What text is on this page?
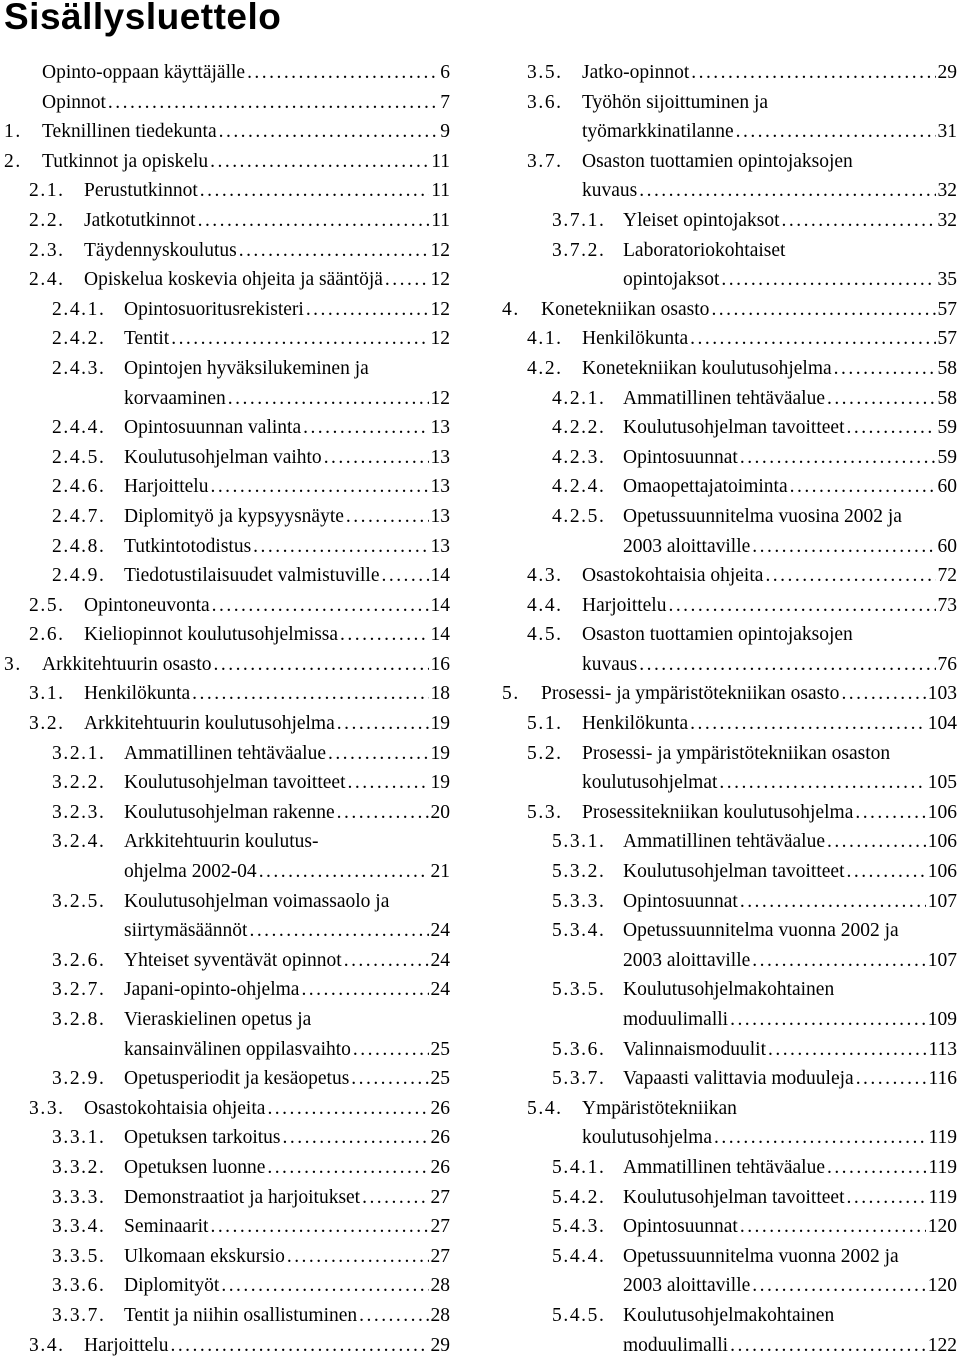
Sisällysluettelo
Opinto-oppaan käyttäjälle . . .	6
Opinnot . . .	7
1. Teknillinen tiedekunta . . .	9
2. Tutkinnot ja opiskelu . . .	11
2.1. Perustutkinnot . . .	11
2.2. Jatkotutkinnot . . .	11
2.3. Täydennyskoulutus . . .	12
2.4. Opiskelua koskevia ohjeita ja sääntöjä . . . 12
2.4.1. Opintosuoritusrekisteri . . .	12
2.4.2. Tentit . . .	12
2.4.3. Opintojen hyväksilukeminen ja
korvaaminen . . .	12
2.4.4. Opintosuunnan valinta . . .	13
2.4.5. Koulutusohjelman vaihto . . .	13
2.4.6. Harjoittelu . . .	13
2.4.7. Diplomityö ja kypsyysnäyte . . .	13
2.4.8. Tutkintotodistus . . .	13
2.4.9. Tiedotustilaisuudet valmistuville . . .	14
2.5. Opintoneuvonta . . .	14
2.6. Kieliopinnot koulutusohjelmissa . . .	14
3. Arkkitehtuurin osasto . . .	16
3.1. Henkilökunta . . .	18
3.2. Arkkitehtuurin koulutusohjelma . . .	19
3.2.1. Ammatillinen tehtäväalue . . .	19
3.2.2. Koulutusohjelman tavoitteet . . .	19
3.2.3. Koulutusohjelman rakenne . . .	20
3.2.4. Arkkitehtuurin koulutus-
ohjelma 2002-04 . . .	21
3.2.5. Koulutusohjelman voimassaolo ja
siirtymäsäännöt . . .	24
3.2.6. Yhteiset syventävät opinnot . . .	24
3.2.7. Japani-opinto-ohjelma . . .	24
3.2.8. Vieraskielinen opetus ja
kansainvälinen oppilasvaihto . . .	25
3.2.9. Opetusperiodit ja kesäopetus . . .	25
3.3. Osastokohtaisia ohjeita . . .	26
3.3.1. Opetuksen tarkoitus . . .	26
3.3.2. Opetuksen luonne . . .	26
3.3.3. Demonstraatiot ja harjoitukset . . .	27
3.3.4. Seminaarit . . .	27
3.3.5. Ulkomaan ekskursio . . .	27
3.3.6. Diplomityöt . . .	28
3.3.7. Tentit ja niihin osallistuminen . . .	28
3.4. Harjoittelu . . .	29
3.5. Jatko-opinnot . . .	29
3.6. Työhön sijoittuminen ja
työmarkkinatilanne . . .	31
3.7. Osaston tuottamien opintojaksojen
kuvaus . . .	32
3.7.1. Yleiset opintojaksot . . .	32
3.7.2. Laboratoriokohtaiset
opintojaksot . . .	35
4. Konetekniikan osasto . . .	57
4.1. Henkilökunta . . .	57
4.2. Konetekniikan koulutusohjelma . . .	58
4.2.1. Ammatillinen tehtäväalue . . .	58
4.2.2. Koulutusohjelman tavoitteet . . .	59
4.2.3. Opintosuunnat . . .	59
4.2.4. Omaopettajatoiminta . . .	60
4.2.5. Opetussuunnitelma vuosina 2002 ja
2003 aloittaville . . .	60
4.3. Osastokohtaisia ohjeita . . .	72
4.4. Harjoittelu . . .	73
4.5. Osaston tuottamien opintojaksojen
kuvaus . . .	76
5. Prosessi- ja ympäristötekniikan osasto . . .	103
5.1. Henkilökunta . . .	104
5.2. Prosessi- ja ympäristötekniikan osaston
koulutusohjelmat . . .	105
5.3. Prosessitekniikan koulutusohjelma . . .	106
5.3.1. Ammatillinen tehtäväalue . . .	106
5.3.2. Koulutusohjelman tavoitteet . . .	106
5.3.3. Opintosuunnat . . .	107
5.3.4. Opetussuunnitelma vuonna 2002 ja
2003 aloittaville . . .	107
5.3.5. Koulutusohjelmakohtainen
moduulimalli . . .	109
5.3.6. Valinnaismoduulit . . .	113
5.3.7. Vapaasti valittavia moduuleja . . .	116
5.4. Ympäristötekniikan
koulutusohjelma . . .	119
5.4.1. Ammatillinen tehtäväalue . . .	119
5.4.2. Koulutusohjelman tavoitteet . . .	119
5.4.3. Opintosuunnat . . .	120
5.4.4. Opetussuunnitelma vuonna 2002 ja
2003 aloittaville . . .	120
5.4.5. Koulutusohjelmakohtainen
moduulimalli . . .	122
